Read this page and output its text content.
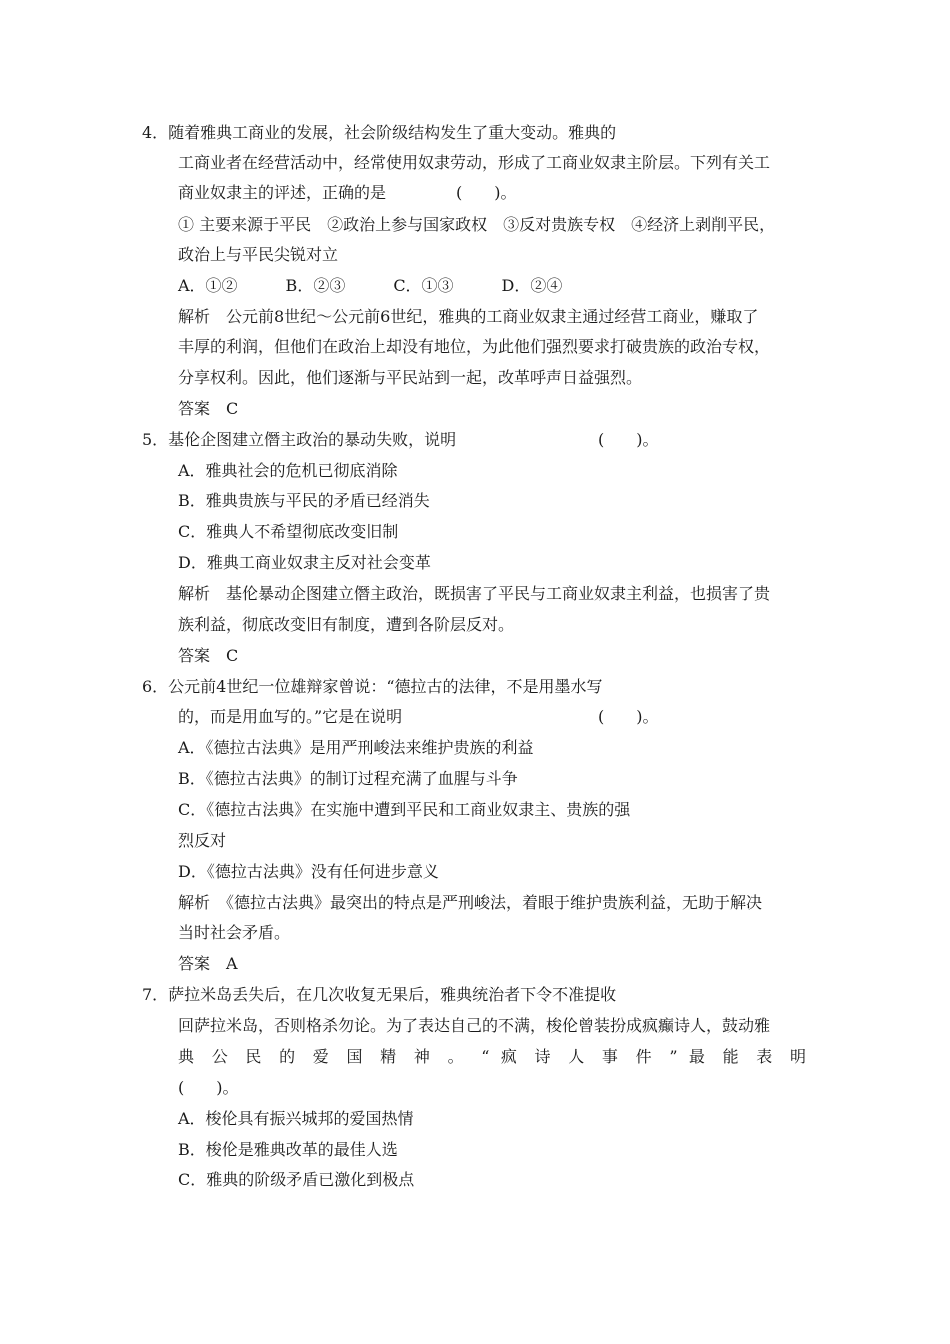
4．随着雅典工商业的发展，社会阶级结构发生了重大变动。雅典的
工商业者在经营活动中，经常使用奴隶劳动，形成了工商业奴隶主阶层。下列有关工
商业奴隶主的评述，正确的是	(　　)。
① 主要来源于平民　②政治上参与国家政权　③反对贵族专权　④经济上剥削平民，
政治上与平民尖锐对立
A．①②　　　B．②③　　　C．①③　　　D．②④
解析　公元前8世纪～公元前6世纪，雅典的工商业奴隶主通过经营工商业，赚取了
丰厚的利润，但他们在政治上却没有地位，为此他们强烈要求打破贵族的政治专权，
分享权利。因此，他们逐渐与平民站到一起，改革呼声日益强烈。
答案　C
5．基伦企图建立僭主政治的暴动失败，说明	(　　)。
A．雅典社会的危机已彻底消除
B．雅典贵族与平民的矛盾已经消失
C．雅典人不希望彻底改变旧制
D．雅典工商业奴隶主反对社会变革
解析　基伦暴动企图建立僭主政治，既损害了平民与工商业奴隶主利益，也损害了贵
族利益，彻底改变旧有制度，遭到各阶层反对。
答案　C
6．公元前4世纪一位雄辩家曾说：“德拉古的法律，不是用墨水写
的，而是用血写的。”它是在说明	(　　)。
A．《德拉古法典》是用严刑峻法来维护贵族的利益
B．《德拉古法典》的制订过程充满了血腥与斗争
C．《德拉古法典》在实施中遭到平民和工商业奴隶主、贵族的强
烈反对
D．《德拉古法典》没有任何进步意义
解析　《德拉古法典》最突出的特点是严刑峻法，着眼于维护贵族利益，无助于解决
当时社会矛盾。
答案　A
7．萨拉米岛丢失后，在几次收复无果后，雅典统治者下令不准提收
回萨拉米岛，否则格杀勿论。为了表达自己的不满，梭伦曾装扮成疯癫诗人，鼓动雅
典 公 民 的 爱 国 精 神 。 “ 疯 诗 人 事 件 ” 最 能 表 明
(　　)。
A．梭伦具有振兴城邦的爱国热情
B．梭伦是雅典改革的最佳人选
C．雅典的阶级矛盾已激化到极点
